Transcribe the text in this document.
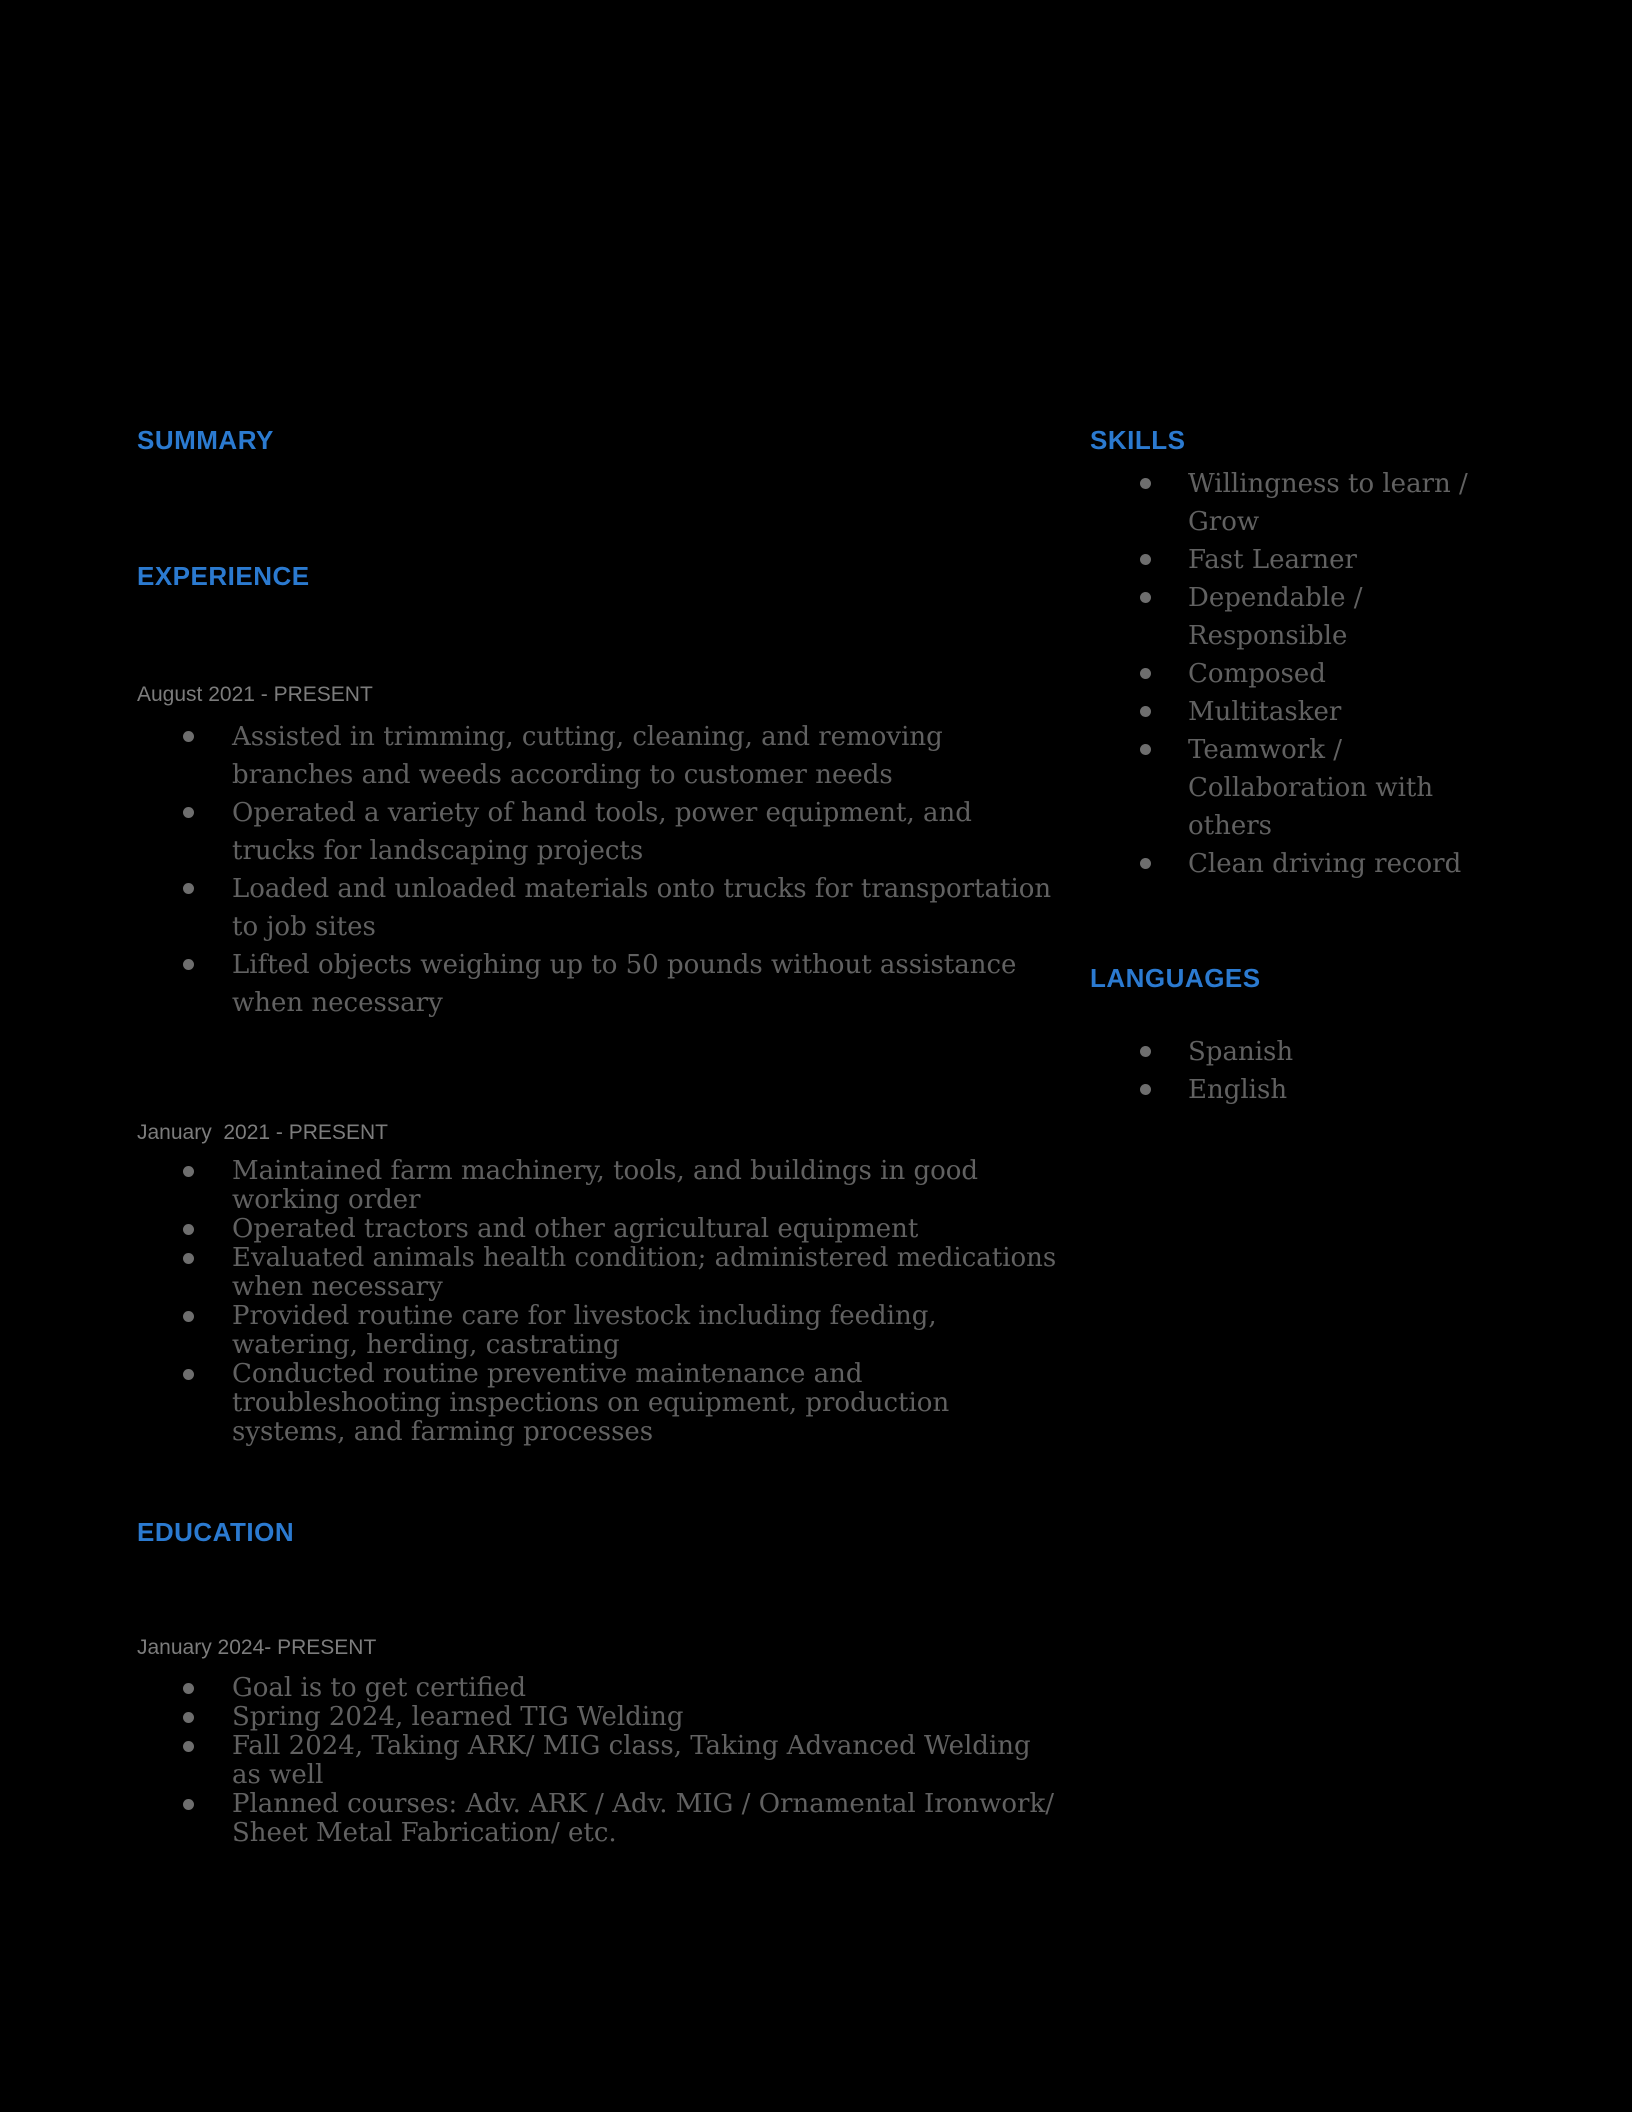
SUMMARY
EXPERIENCE
August 2021 - PRESENT
Assisted in trimming, cutting, cleaning, and removing branches and weeds according to customer needs
Operated a variety of hand tools, power equipment, and trucks for landscaping projects
Loaded and unloaded materials onto trucks for transportation to job sites
Lifted objects weighing up to 50 pounds without assistance when necessary
January  2021 - PRESENT
Maintained farm machinery, tools, and buildings in good working order
Operated tractors and other agricultural equipment
Evaluated animals health condition; administered medications when necessary
Provided routine care for livestock including feeding, watering, herding, castrating
Conducted routine preventive maintenance and troubleshooting inspections on equipment, production systems, and farming processes
EDUCATION
January 2024- PRESENT
Goal is to get certified
Spring 2024, learned TIG Welding
Fall 2024, Taking ARK/ MIG class, Taking Advanced Welding as well
Planned courses: Adv. ARK / Adv. MIG / Ornamental Ironwork/ Sheet Metal Fabrication/ etc.
SKILLS
Willingness to learn / Grow
Fast Learner
Dependable / Responsible
Composed
Multitasker
Teamwork / Collaboration with others
Clean driving record
LANGUAGES
Spanish
English
